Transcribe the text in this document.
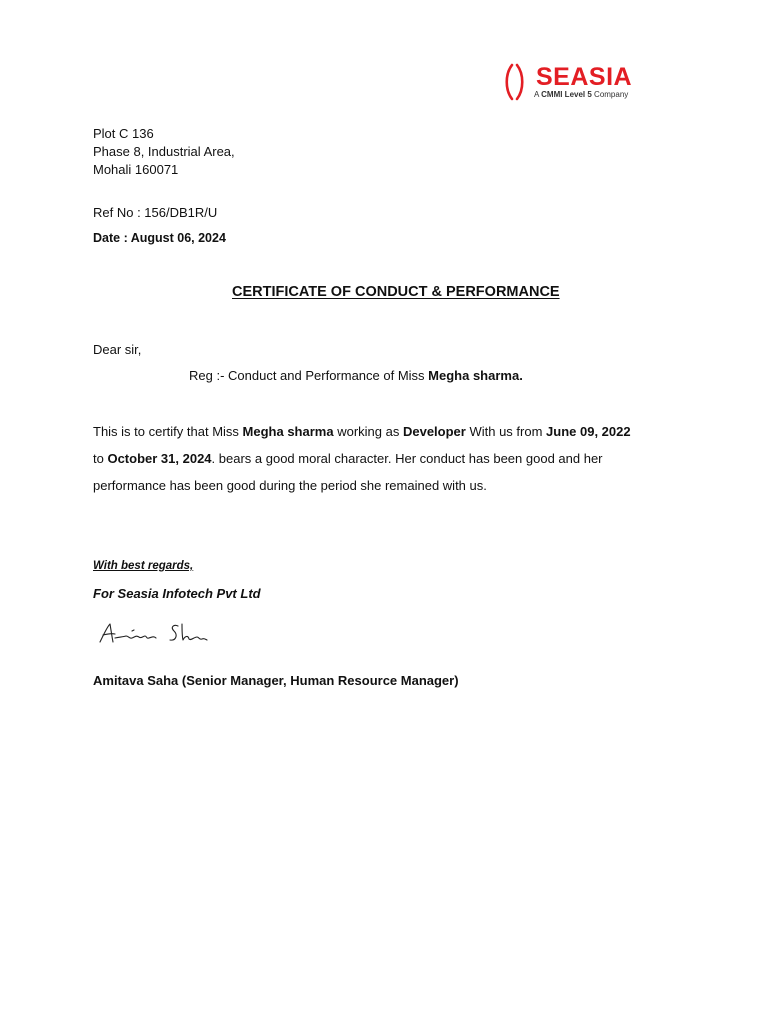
SEASIA
A CMMI Level 5 Company
Plot C 136
Phase 8, Industrial Area,
Mohali 160071
Ref No : 156/DB1R/U
Date : August 06, 2024
CERTIFICATE OF CONDUCT & PERFORMANCE
Dear sir,
Reg :- Conduct and Performance of Miss Megha sharma.
This is to certify that Miss Megha sharma working as Developer With us from June 09, 2022
to October 31, 2024. bears a good moral character. Her conduct has been good and her
performance has been good during the period she remained with us.
With best regards,
For Seasia Infotech Pvt Ltd
Amitava Saha (Senior Manager, Human Resource Manager)
